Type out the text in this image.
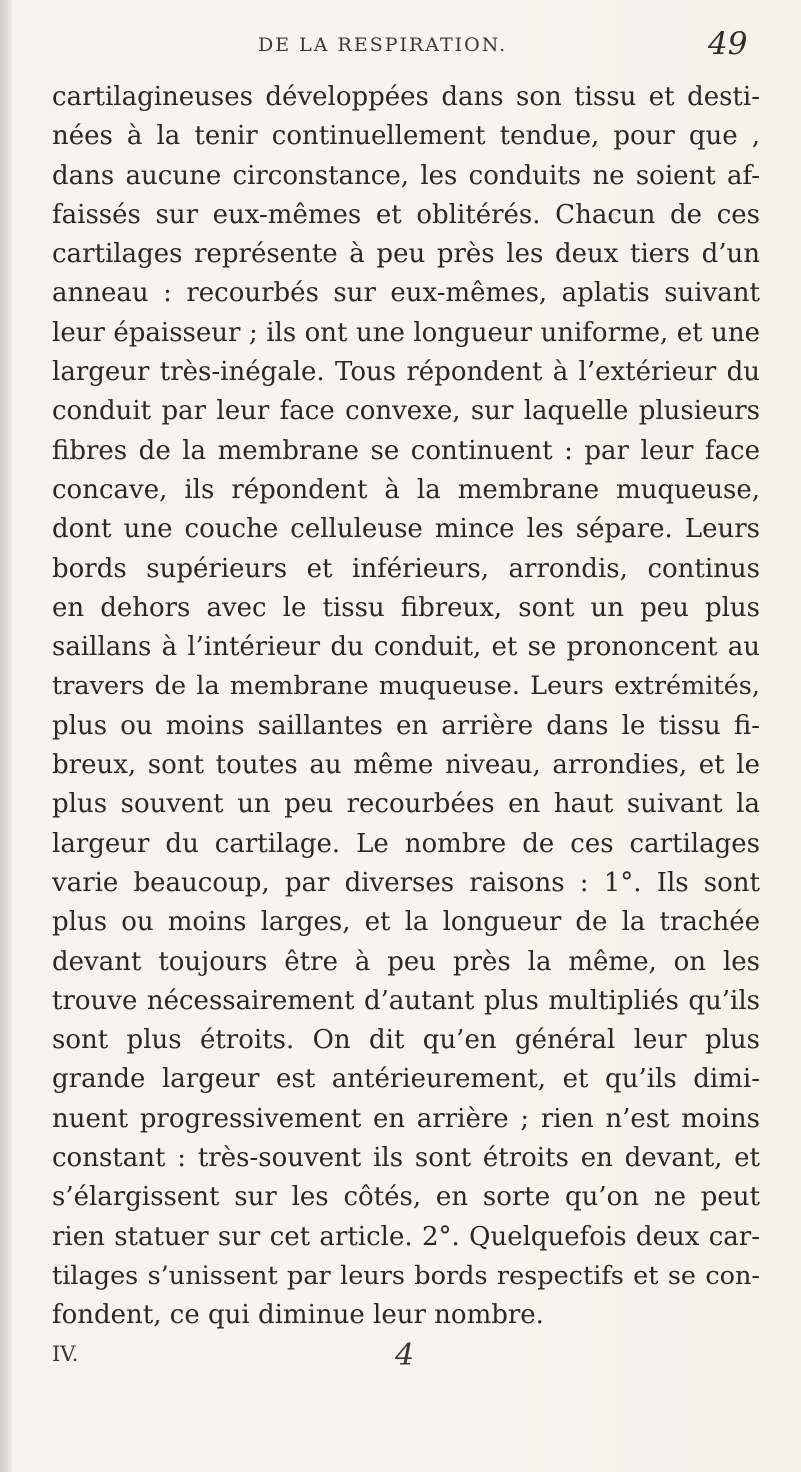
DE LA RESPIRATION.	49
cartilagineuses développées dans son tissu et desti-
nées à la tenir continuellement tendue, pour que ,
dans aucune circonstance, les conduits ne soient af-
faissés sur eux-mêmes et oblitérés. Chacun de ces
cartilages représente à peu près les deux tiers d’un
anneau : recourbés sur eux-mêmes, aplatis suivant
leur épaisseur ; ils ont une longueur uniforme, et une
largeur très-inégale. Tous répondent à l’extérieur du
conduit par leur face convexe, sur laquelle plusieurs
fibres de la membrane se continuent : par leur face
concave, ils répondent à la membrane muqueuse,
dont une couche celluleuse mince les sépare. Leurs
bords supérieurs et inférieurs, arrondis, continus
en dehors avec le tissu fibreux, sont un peu plus
saillans à l’intérieur du conduit, et se prononcent au
travers de la membrane muqueuse. Leurs extrémités,
plus ou moins saillantes en arrière dans le tissu fi-
breux, sont toutes au même niveau, arrondies, et le
plus souvent un peu recourbées en haut suivant la
largeur du cartilage. Le nombre de ces cartilages
varie beaucoup, par diverses raisons : 1°. Ils sont
plus ou moins larges, et la longueur de la trachée
devant toujours être à peu près la même, on les
trouve nécessairement d’autant plus multipliés qu’ils
sont plus étroits. On dit qu’en général leur plus
grande largeur est antérieurement, et qu’ils dimi-
nuent progressivement en arrière ; rien n’est moins
constant : très-souvent ils sont étroits en devant, et
s’élargissent sur les côtés, en sorte qu’on ne peut
rien statuer sur cet article. 2°. Quelquefois deux car-
tilages s’unissent par leurs bords respectifs et se con-
fondent, ce qui diminue leur nombre.
IV.	4
